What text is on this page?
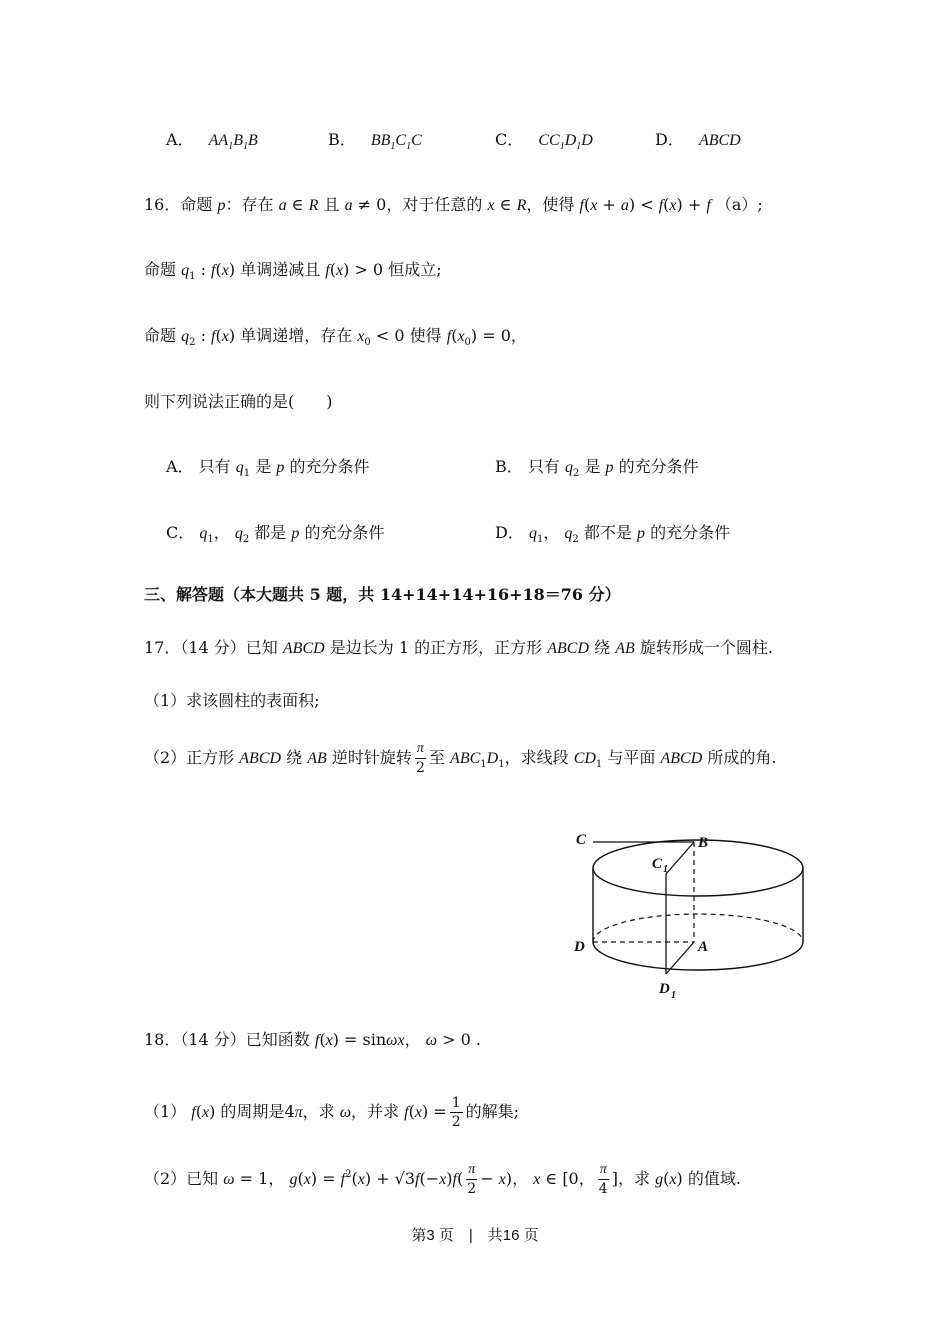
A． $AA_1B_1B$	B． $BB_1C_1C$	C． $CC_1D_1D$	D． ABCD
16．命题 p：存在 a ∈ R 且 a ≠ 0，对于任意的 x ∈ R，使得 f(x + a) < f(x) + f （a）;
命题 $q_1$ : f(x) 单调递减且 f(x) > 0 恒成立;
命题 $q_2$ : f(x) 单调递增，存在 $x_0 < 0$ 使得 $f(x_0) = 0$，
则下列说法正确的是(　　)
A． 只有 $q_1$ 是 p 的充分条件	B． 只有 $q_2$ 是 p 的充分条件
C． $q_1$， $q_2$ 都是 p 的充分条件	D． $q_1$， $q_2$ 都不是 p 的充分条件
三、解答题（本大题共 5 题，共 14+14+14+16+18＝76 分）
17．（14 分）已知 ABCD 是边长为 1 的正方形，正方形 ABCD 绕 AB 旋转形成一个圆柱.
（1）求该圆柱的表面积;
（2）正方形 ABCD 绕 AB 逆时针旋转 $\frac{\pi}{2}$ 至 $ABC_1D_1$，求线段 $CD_1$ 与平面 ABCD 所成的角.
C	B
C 1
D	A
D 1
18．（14 分）已知函数 f(x) = sinωx， ω > 0 .
（1） f(x) 的周期是4π，求 ω，并求 $f(x) = \frac{1}{2}$ 的解集;
（2）已知 ω = 1， $g(x) = f^2(x) + √3f(-x)f( \frac{\pi}{2} - x)$， x ∈ [0， $\frac{\pi}{4}$ ]，求 g(x) 的值域.
第3 页　|　共16 页
